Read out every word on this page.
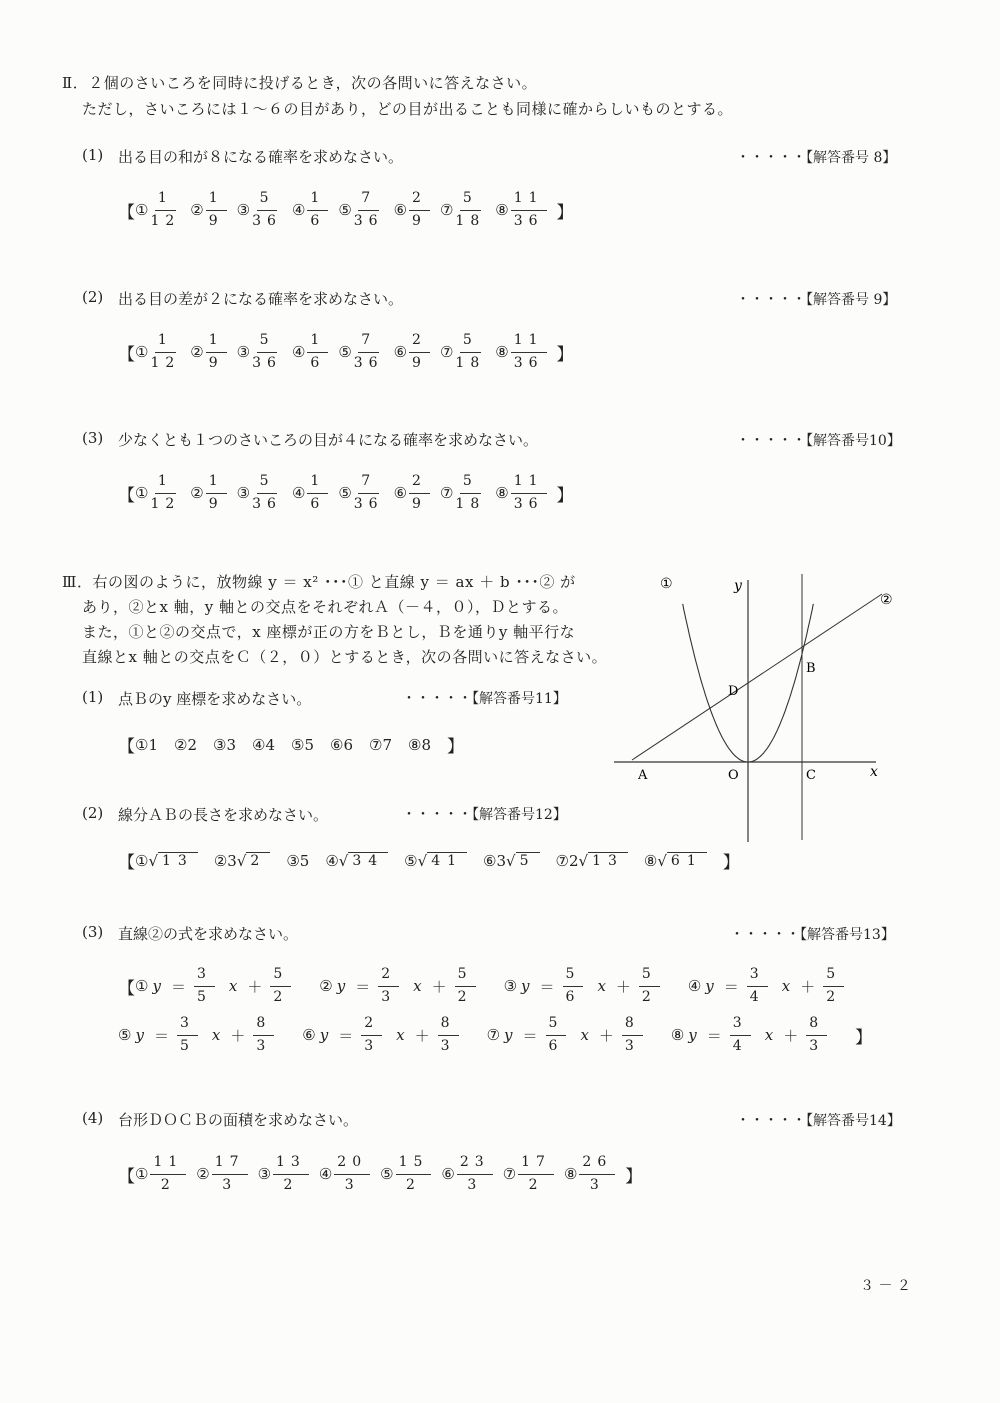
Ⅱ．２個のさいころを同時に投げるとき，次の各問いに答えなさい。
ただし，さいころには１～６の目があり，どの目が出ることも同様に確からしいものとする。
(1) 出る目の和が８になる確率を求めなさい。	・・・・・【解答番号 8】
【 ① $\frac{1}{12}$ ② $\frac{1}{9}$ ③ $\frac{5}{36}$ ④ $\frac{1}{6}$ ⑤ $\frac{7}{36}$ ⑥ $\frac{2}{9}$ ⑦ $\frac{5}{18}$ ⑧ $\frac{11}{36}$ 】
(2) 出る目の差が２になる確率を求めなさい。	・・・・・【解答番号 9】
【 ① $\frac{1}{12}$ ② $\frac{1}{9}$ ③ $\frac{5}{36}$ ④ $\frac{1}{6}$ ⑤ $\frac{7}{36}$ ⑥ $\frac{2}{9}$ ⑦ $\frac{5}{18}$ ⑧ $\frac{11}{36}$ 】
(3) 少なくとも１つのさいころの目が４になる確率を求めなさい。	・・・・・【解答番号10】
【 ① $\frac{1}{12}$ ② $\frac{1}{9}$ ③ $\frac{5}{36}$ ④ $\frac{1}{6}$ ⑤ $\frac{7}{36}$ ⑥ $\frac{2}{9}$ ⑦ $\frac{5}{18}$ ⑧ $\frac{11}{36}$ 】
Ⅲ．右の図のように，放物線 y ＝ x² ･･･① と直線 y ＝ ax ＋ b ･･･② が
あり，②とx 軸，y 軸との交点をそれぞれＡ（－４，０），Ｄとする。
また，①と②の交点で，x 座標が正の方をＢとし，Ｂを通りy 軸平行な
直線とx 軸との交点をＣ（２，０）とするとき，次の各問いに答えなさい。
(1) 点Ｂのy 座標を求めなさい。	・・・・・【解答番号11】
【 ①1 ②2 ③3 ④4 ⑤5 ⑥6 ⑦7 ⑧8 】
(2) 線分ＡＢの長さを求めなさい。	・・・・・【解答番号12】
【 ① √ 13 ② 3 √ 2 ③ 5 ④ √ 34 ⑤ √ 41 ⑥ 3 √ 5 ⑦ 2 √ 13 ⑧ √ 61 】
(3) 直線②の式を求めなさい。	・・・・・【解答番号13】
【 ① $y = \frac{3}{5}$ $x + \frac{5}{2}$ ② $y = \frac{2}{3}$ $x + \frac{5}{2}$ ③ $y = \frac{5}{6}$ $x + \frac{5}{2}$ ④ $y = \frac{3}{4}$ $x + \frac{5}{2}$
⑤ $y = \frac{3}{5}$ $x + \frac{8}{3}$ ⑥ $y = \frac{2}{3}$ $x + \frac{8}{3}$ ⑦ $y = \frac{5}{6}$ $x + \frac{8}{3}$ ⑧ $y = \frac{3}{4}$ $x + \frac{8}{3}$ 】
(4) 台形ＤＯＣＢの面積を求めなさい。	・・・・・【解答番号14】
【 ① $\frac{11}{2}$ ② $\frac{17}{3}$ ③ $\frac{13}{2}$ ④ $\frac{20}{3}$ ⑤ $\frac{15}{2}$ ⑥ $\frac{23}{3}$ ⑦ $\frac{17}{2}$ ⑧ $\frac{26}{3}$ 】
①
②
y
x
A	O	C
B
D
３ － ２
